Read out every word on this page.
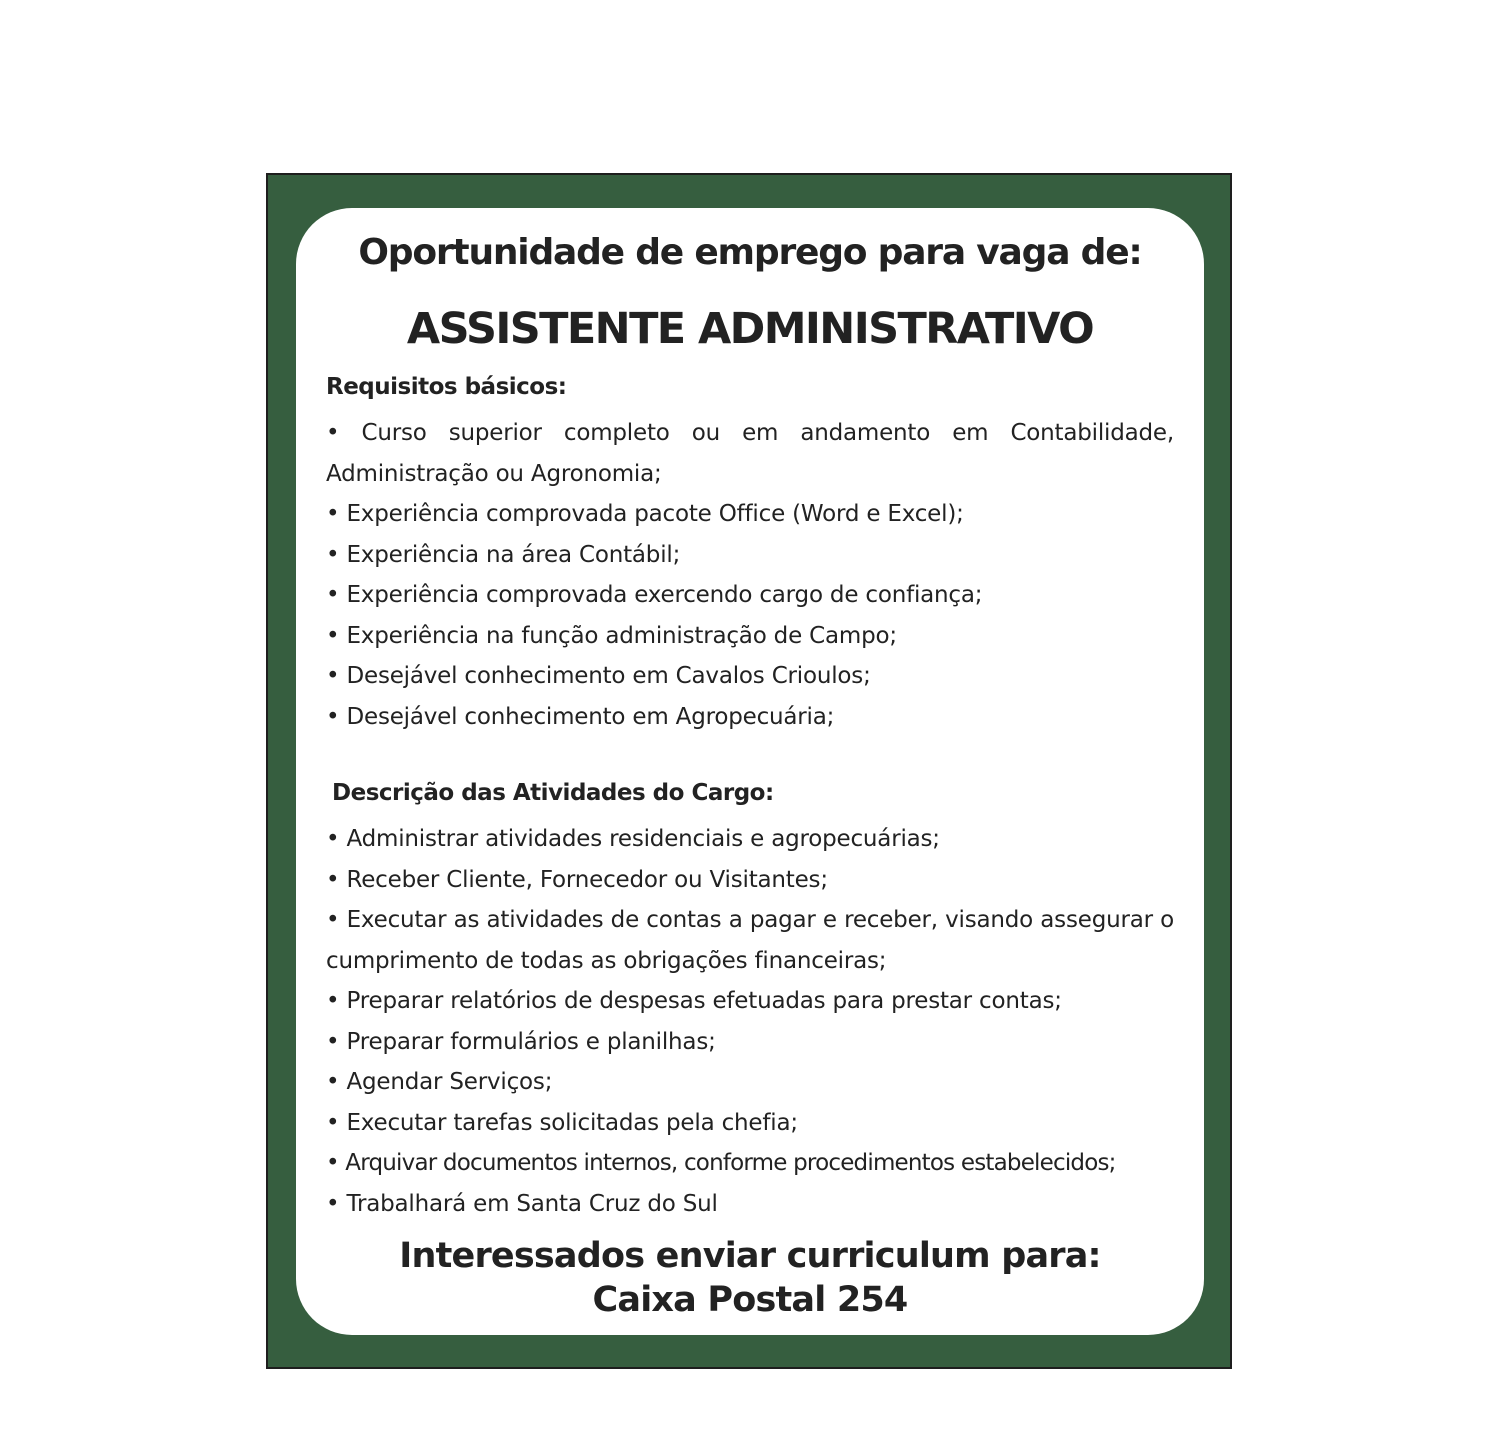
Oportunidade de emprego para vaga de:
ASSISTENTE ADMINISTRATIVO
Requisitos básicos:
• Curso superior completo ou em andamento em Contabilidade, Administração ou Agronomia;
• Experiência comprovada pacote Office (Word e Excel);
• Experiência na área Contábil;
• Experiência comprovada exercendo cargo de confiança;
• Experiência na função administração de Campo;
• Desejável conhecimento em Cavalos Crioulos;
• Desejável conhecimento em Agropecuária;
Descrição das Atividades do Cargo:
• Administrar atividades residenciais e agropecuárias;
• Receber Cliente, Fornecedor ou Visitantes;
• Executar as atividades de contas a pagar e receber, visando assegurar o cumprimento de todas as obrigações financeiras;
• Preparar relatórios de despesas efetuadas para prestar contas;
• Preparar formulários e planilhas;
• Agendar Serviços;
• Executar tarefas solicitadas pela chefia;
• Arquivar documentos internos, conforme procedimentos estabelecidos;
• Trabalhará em Santa Cruz do Sul
Interessados enviar curriculum para:
Caixa Postal 254
